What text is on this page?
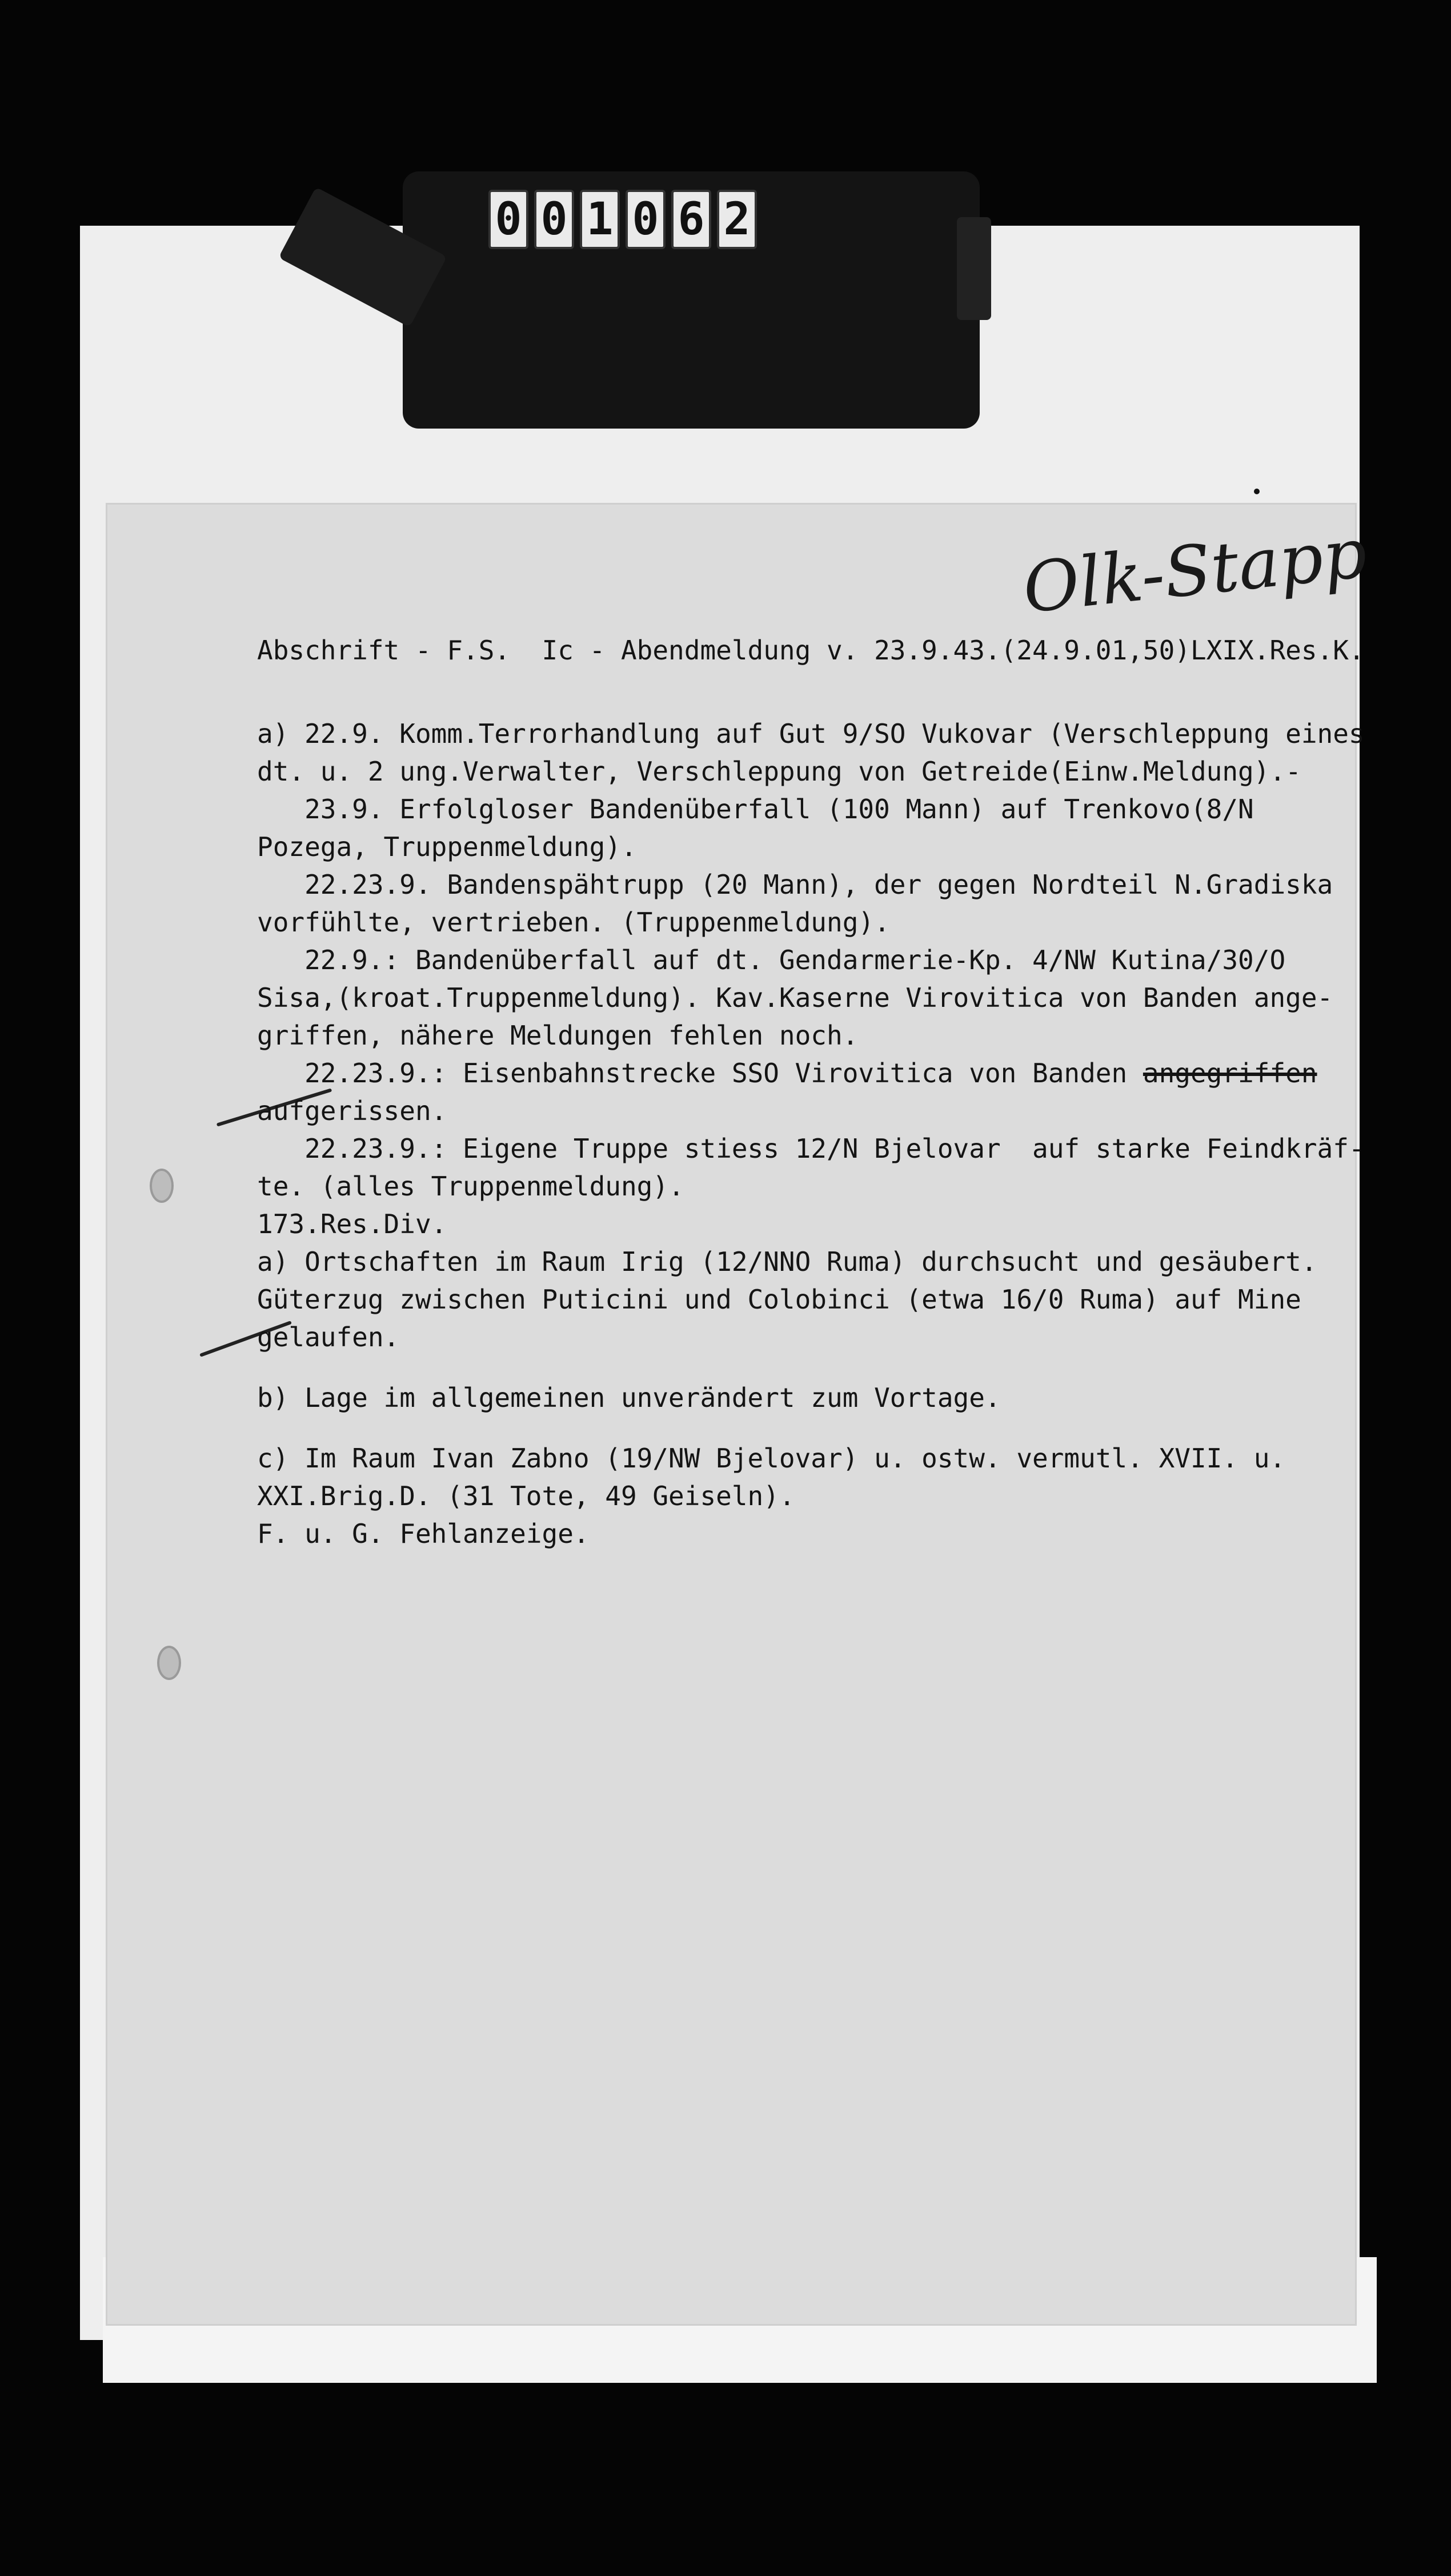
0 0 1 0 6 2
Olk-Stapp
Abschrift - F.S.  Ic - Abendmeldung v. 23.9.43.(24.9.01,50)LXIX.Res.K.
a) 22.9. Komm.Terrorhandlung auf Gut 9/SO Vukovar (Verschleppung eines
dt. u. 2 ung.Verwalter, Verschleppung von Getreide(Einw.Meldung).-
23.9. Erfolgloser Bandenüberfall (100 Mann) auf Trenkovo(8/N
Pozega, Truppenmeldung).
22.23.9. Bandenspähtrupp (20 Mann), der gegen Nordteil N.Gradiska
vorfühlte, vertrieben. (Truppenmeldung).
22.9.: Bandenüberfall auf dt. Gendarmerie-Kp. 4/NW Kutina/30/O
Sisa,(kroat.Truppenmeldung). Kav.Kaserne Virovitica von Banden ange-
griffen, nähere Meldungen fehlen noch.
22.23.9.: Eisenbahnstrecke SSO Virovitica von Banden angegriffen
aufgerissen.
22.23.9.: Eigene Truppe stiess 12/N Bjelovar  auf starke Feindkräf-
te. (alles Truppenmeldung).
173.Res.Div.
a) Ortschaften im Raum Irig (12/NNO Ruma) durchsucht und gesäubert.
Güterzug zwischen Puticini und Colobinci (etwa 16/0 Ruma) auf Mine
gelaufen.
b) Lage im allgemeinen unverändert zum Vortage.
c) Im Raum Ivan Zabno (19/NW Bjelovar) u. ostw. vermutl. XVII. u.
XXI.Brig.D. (31 Tote, 49 Geiseln).
F. u. G. Fehlanzeige.
